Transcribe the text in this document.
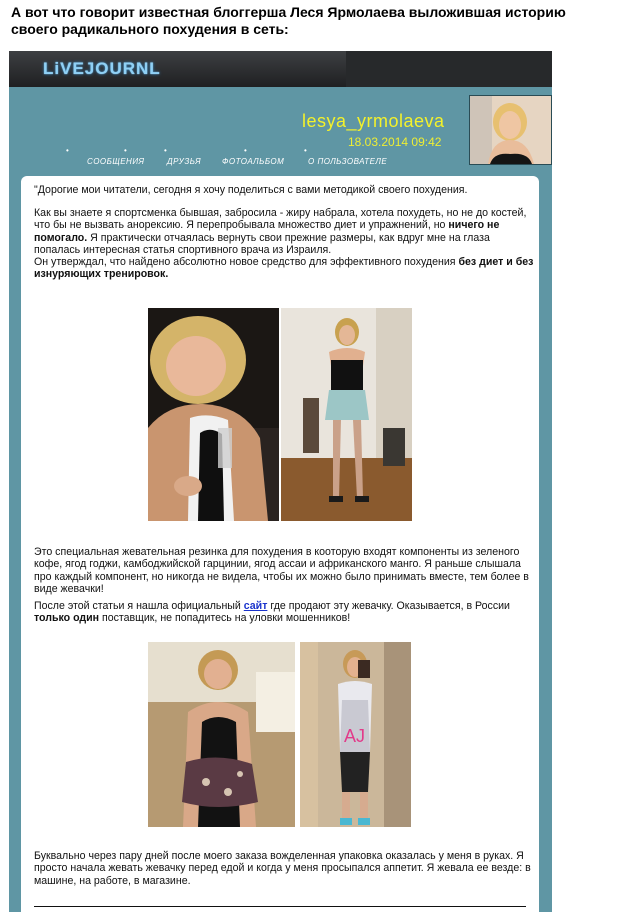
А вот что говорит известная блоггерша Леся Ярмолаева выложившая историю своего радикального похудения в сеть:
LiVEJOURNL
lesya_yrmolaeva
18.03.2014 09:42
•	•	•	•	•
СООБЩЕНИЯ	ДРУЗЬЯ	ФОТОАЛЬБОМ	О ПОЛЬЗОВАТЕЛЕ
"Дорогие мои читатели, сегодня я хочу поделиться с вами методикой своего похудения.
Как вы знаете я спортсменка бывшая, забросила - жиру набрала, хотела похудеть, но не до костей, что бы не вызвать анорексию. Я перепробывала множество диет и упражнений, но ничего не помогало. Я практически отчаялась вернуть свои прежние размеры, как вдруг мне на глаза попалась интересная статья спортивного врача из Израиля.
Он утверждал, что найдено абсолютно новое средство для эффективного похудения без диет и без изнуряющих тренировок.
Это специальная жевательная резинка для похудения в кооторую входят компоненты из зеленого кофе, ягод годжи, камбоджийской гарцинии, ягод ассаи и африканского манго. Я раньше слышала про каждый компонент, но никогда не видела, чтобы их можно было принимать вместе, тем более в виде жевачки!
После этой статьи я нашла официальный сайт где продают эту жевачку. Оказывается, в России только один поставщик, не попадитесь на уловки мошенников!
AJ
Буквально через пару дней после моего заказа вожделенная упаковка оказалась у меня в руках. Я просто начала жевать жевачку перед едой и когда у меня просыпался аппетит. Я жевала ее везде: в машине, на работе, в магазине.
